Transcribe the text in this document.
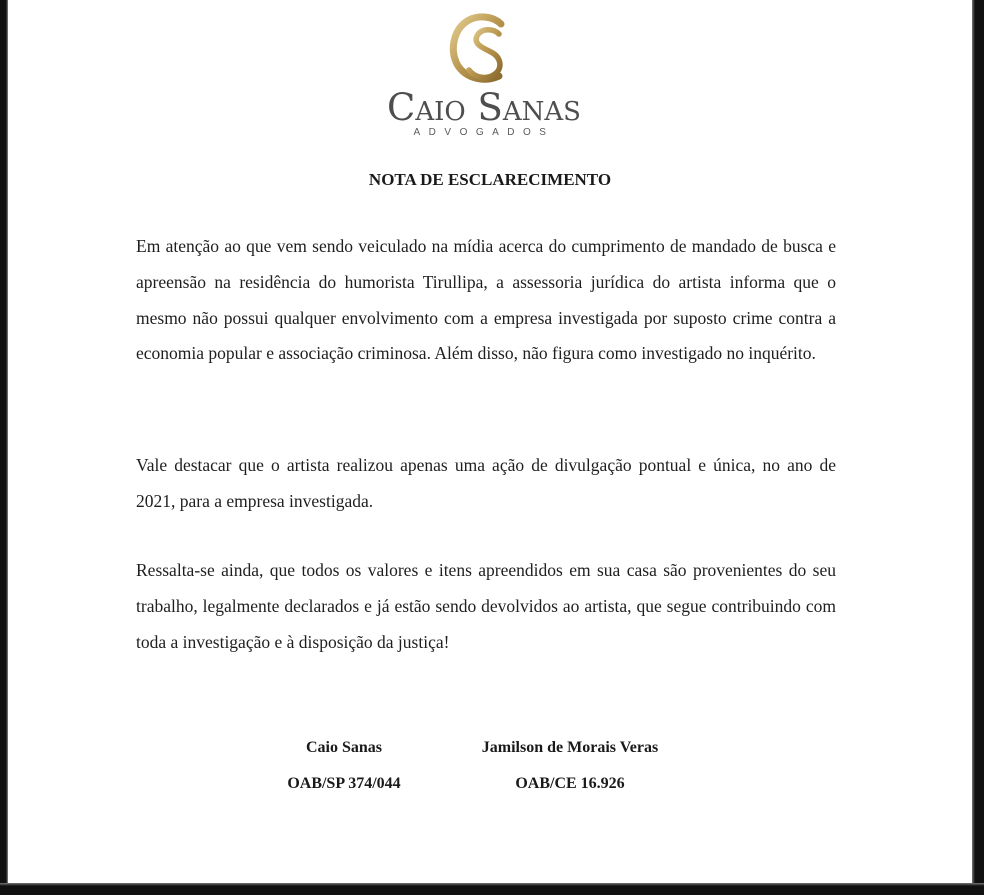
Caio Sanas
ADVOGADOS
NOTA DE ESCLARECIMENTO

Em atenção ao que vem sendo veiculado na mídia acerca do cumprimento de mandado de busca e apreensão na residência do humorista Tirullipa, a assessoria jurídica do artista informa que o mesmo não possui qualquer envolvimento com a empresa investigada por suposto crime contra a economia popular e associação criminosa. Além disso, não figura como investigado no inquérito.

Vale destacar que o artista realizou apenas uma ação de divulgação pontual e única, no ano de 2021, para a empresa investigada.

Ressalta-se ainda, que todos os valores e itens apreendidos em sua casa são provenientes do seu trabalho, legalmente declarados e já estão sendo devolvidos ao artista, que segue contribuindo com toda a investigação e à disposição da justiça!

Caio Sanas
OAB/SP 374/044
Jamilson de Morais Veras
OAB/CE 16.926
